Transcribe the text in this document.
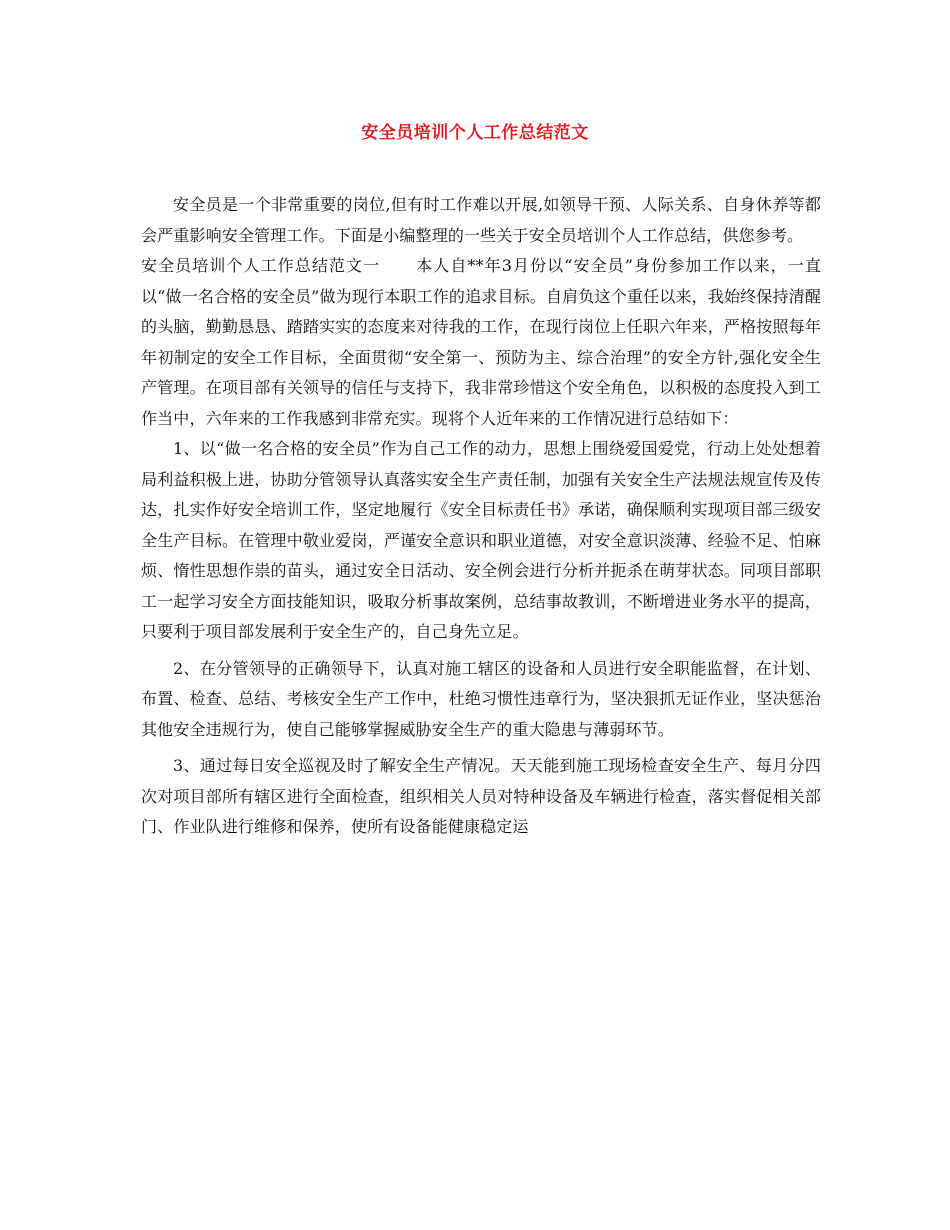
安全员培训个人工作总结范文

安全员是一个非常重要的岗位,但有时工作难以开展,如领导干预、人际关系、自身休养等都会严重影响安全管理工作。下面是小编整理的一些关于安全员培训个人工作总结，供您参考。

安全员培训个人工作总结范文一 本人自**年3月份以“安全员”身份参加工作以来，一直以“做一名合格的安全员”做为现行本职工作的追求目标。自肩负这个重任以来，我始终保持清醒的头脑，勤勤恳恳、踏踏实实的态度来对待我的工作，在现行岗位上任职六年来，严格按照每年年初制定的安全工作目标，全面贯彻“安全第一、预防为主、综合治理”的安全方针,强化安全生产管理。在项目部有关领导的信任与支持下，我非常珍惜这个安全角色，以积极的态度投入到工作当中，六年来的工作我感到非常充实。现将个人近年来的工作情况进行总结如下：

1、以“做一名合格的安全员”作为自己工作的动力，思想上围绕爱国爱党，行动上处处想着局利益积极上进，协助分管领导认真落实安全生产责任制，加强有关安全生产法规法规宣传及传达，扎实作好安全培训工作，坚定地履行《安全目标责任书》承诺，确保顺利实现项目部三级安全生产目标。在管理中敬业爱岗，严谨安全意识和职业道德，对安全意识淡薄、经验不足、怕麻烦、惰性思想作祟的苗头，通过安全日活动、安全例会进行分析并扼杀在萌芽状态。同项目部职工一起学习安全方面技能知识，吸取分析事故案例，总结事故教训，不断增进业务水平的提高，只要利于项目部发展利于安全生产的，自己身先立足。

2、在分管领导的正确领导下，认真对施工辖区的设备和人员进行安全职能监督，在计划、布置、检查、总结、考核安全生产工作中，杜绝习惯性违章行为，坚决狠抓无证作业，坚决惩治其他安全违规行为，使自己能够掌握威胁安全生产的重大隐患与薄弱环节。

3、通过每日安全巡视及时了解安全生产情况。天天能到施工现场检查安全生产、每月分四次对项目部所有辖区进行全面检查，组织相关人员对特种设备及车辆进行检查，落实督促相关部门、作业队进行维修和保养，使所有设备能健康稳定运
